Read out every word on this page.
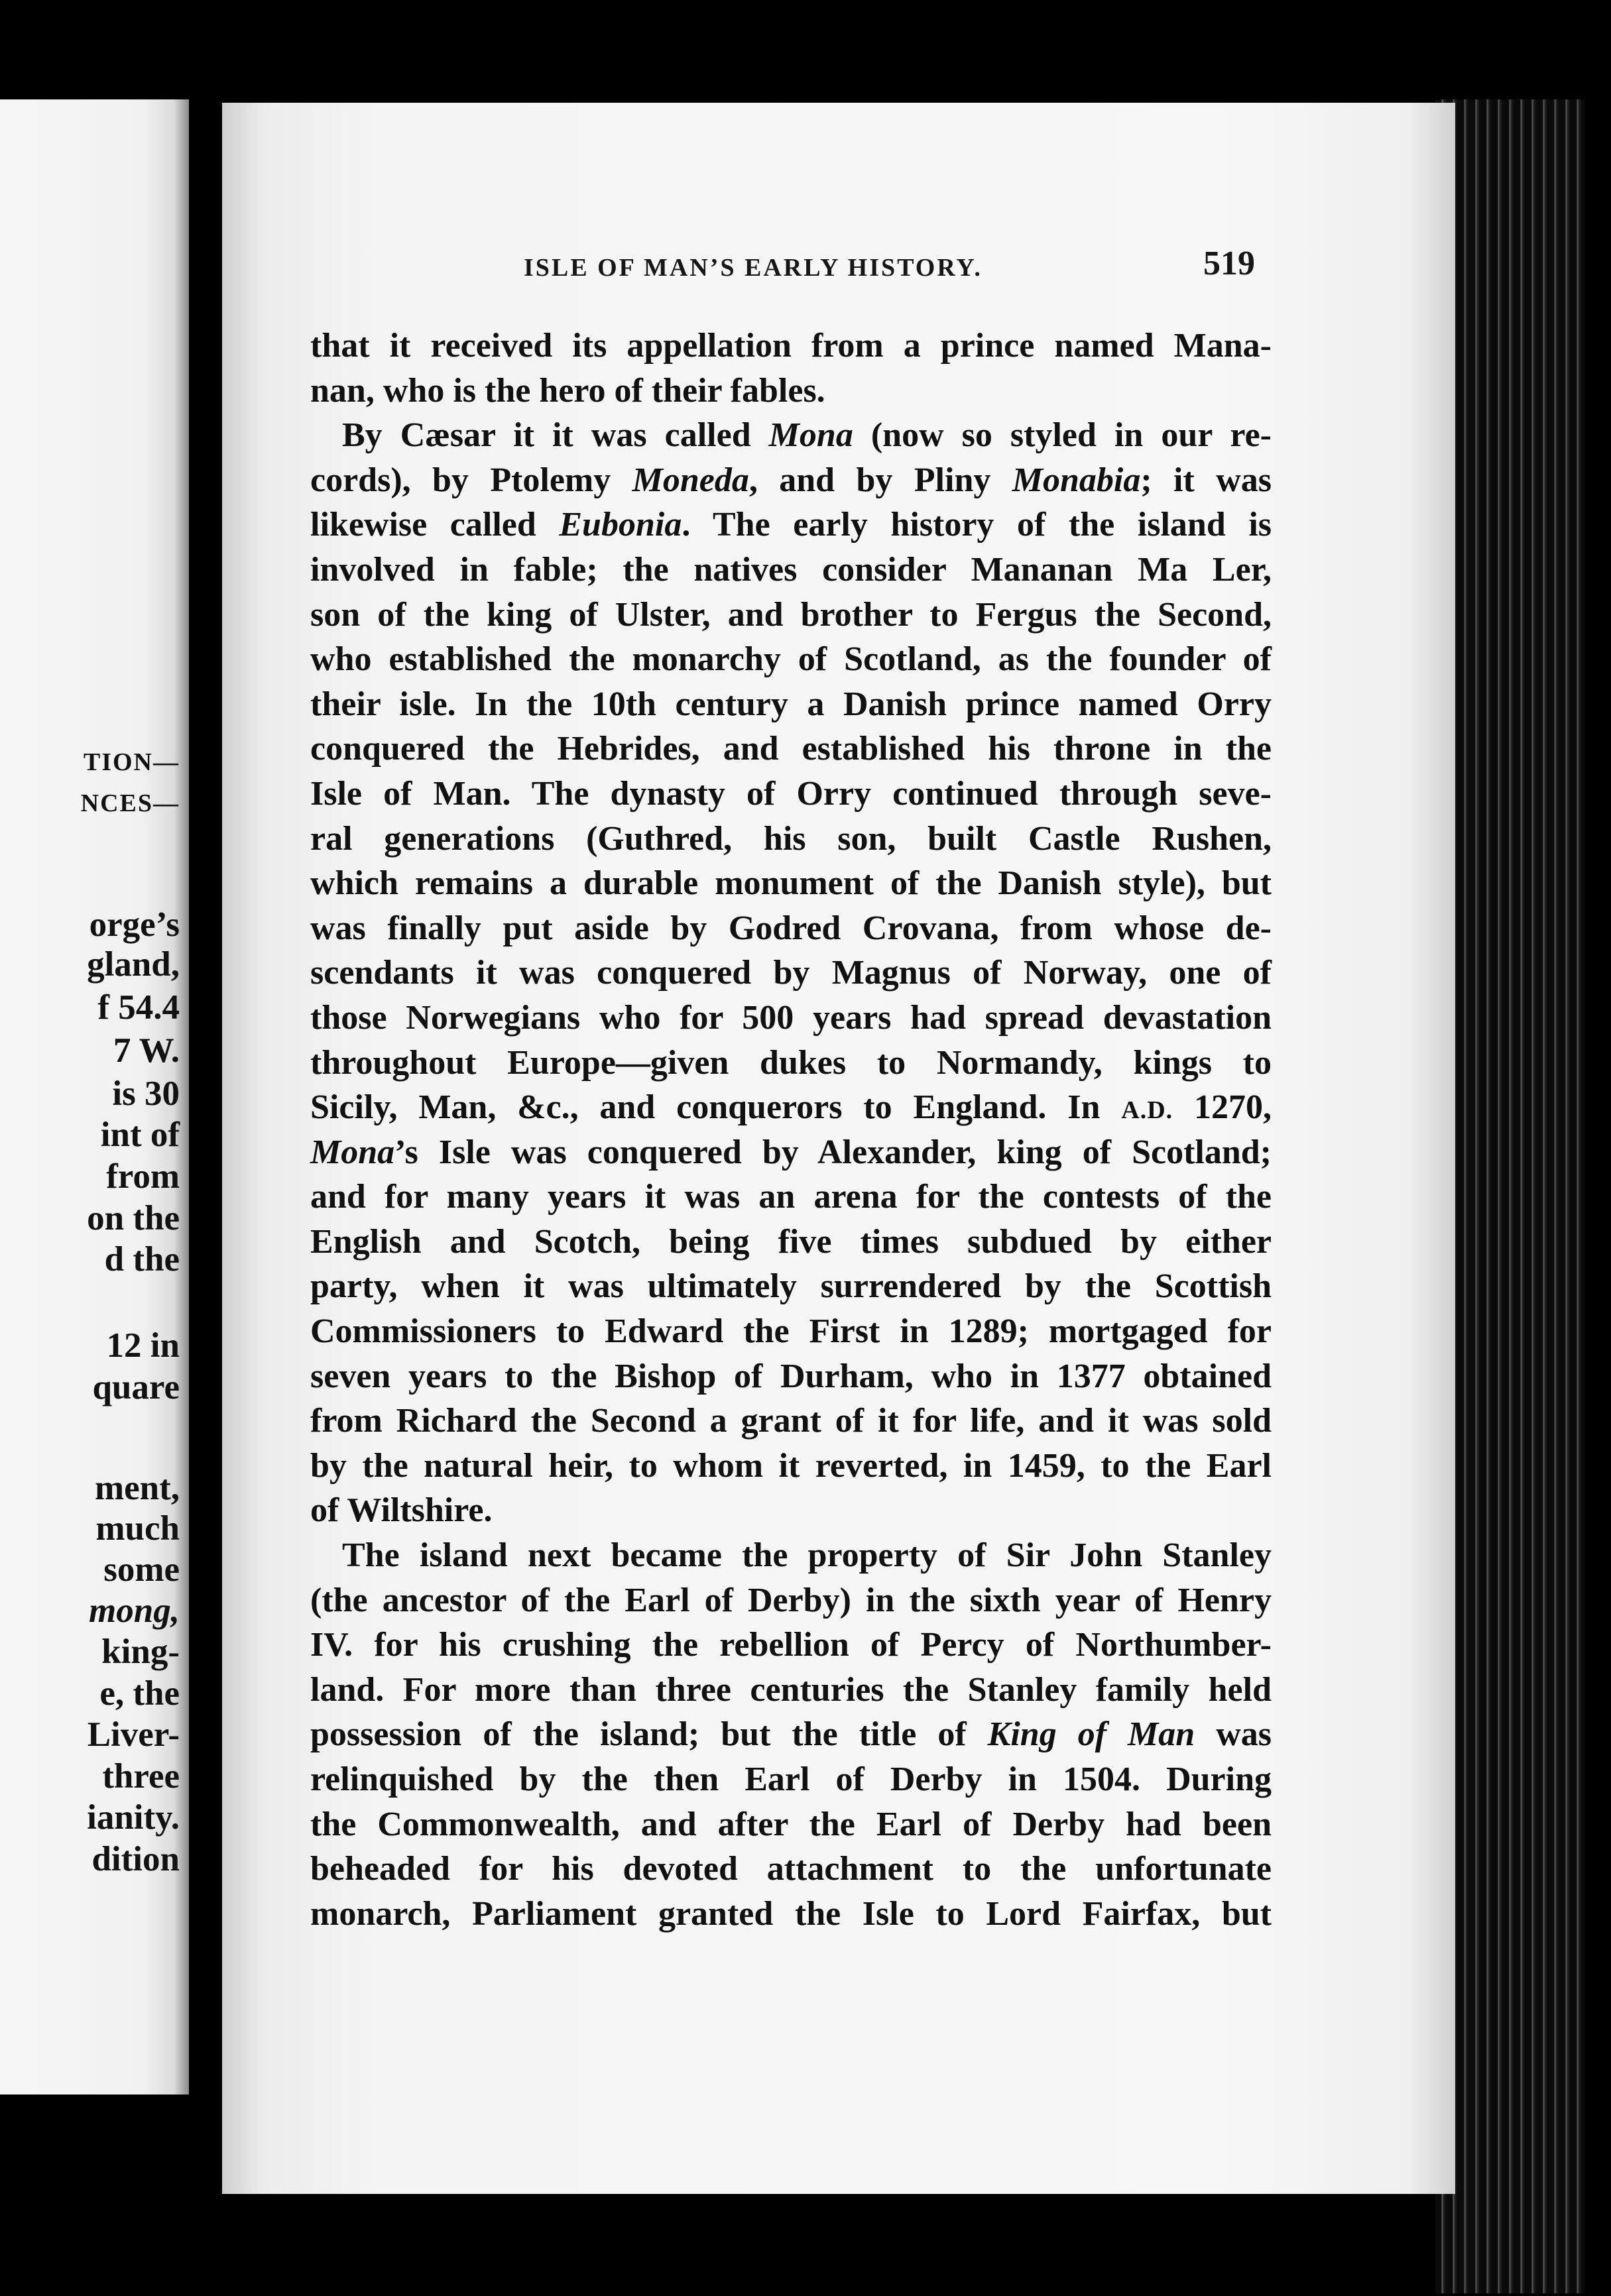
TION—

NCES—

orge’s

gland,

f 54.4

7 W.

is 30

int of

from

on the

d the

12 in

quare

ment,

much

some

mong,

king-

e, the

Liver-

three

ianity.

dition

ISLE OF MAN’S EARLY HISTORY.	519
that it received its appellation from a prince named Mana-
nan, who is the hero of their fables.
By Cæsar it it was called Mona (now so styled in our re-
cords), by Ptolemy Moneda, and by Pliny Monabia; it was
likewise called Eubonia. The early history of the island is
involved in fable; the natives consider Mananan Ma Ler,
son of the king of Ulster, and brother to Fergus the Second,
who established the monarchy of Scotland, as the founder of
their isle. In the 10th century a Danish prince named Orry
conquered the Hebrides, and established his throne in the
Isle of Man. The dynasty of Orry continued through seve-
ral generations (Guthred, his son, built Castle Rushen,
which remains a durable monument of the Danish style), but
was finally put aside by Godred Crovana, from whose de-
scendants it was conquered by Magnus of Norway, one of
those Norwegians who for 500 years had spread devastation
throughout Europe—given dukes to Normandy, kings to
Sicily, Man, &c., and conquerors to England. In A.D. 1270,
Mona’s Isle was conquered by Alexander, king of Scotland;
and for many years it was an arena for the contests of the
English and Scotch, being five times subdued by either
party, when it was ultimately surrendered by the Scottish
Commissioners to Edward the First in 1289; mortgaged for
seven years to the Bishop of Durham, who in 1377 obtained
from Richard the Second a grant of it for life, and it was sold
by the natural heir, to whom it reverted, in 1459, to the Earl
of Wiltshire.
The island next became the property of Sir John Stanley
(the ancestor of the Earl of Derby) in the sixth year of Henry
IV. for his crushing the rebellion of Percy of Northumber-
land. For more than three centuries the Stanley family held
possession of the island; but the title of King of Man was
relinquished by the then Earl of Derby in 1504. During
the Commonwealth, and after the Earl of Derby had been
beheaded for his devoted attachment to the unfortunate
monarch, Parliament granted the Isle to Lord Fairfax, but
